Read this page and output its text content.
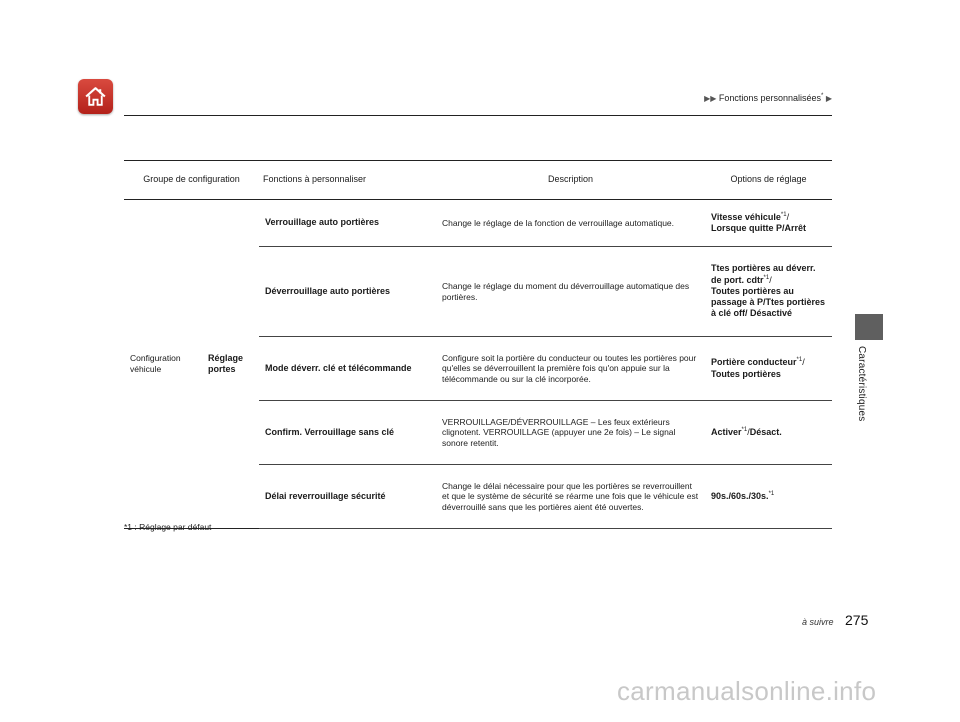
▶▶ Fonctions personnalisées* ▶
Caractéristiques
Groupe de configuration		Fonctions à personnaliser	Description	Options de réglage
Configuration véhicule	Réglage portes	Verrouillage auto portières	Change le réglage de la fonction de verrouillage automatique.	Vitesse véhicule$^{*1}$/
Lorsque quitte P/Arrêt
		Déverrouillage auto portières	Change le réglage du moment du déverrouillage automatique des portières.	Ttes portières au déverr. de port. cdtr$^{*1}$/
Toutes portières au passage à P/Ttes portières à clé off/ Désactivé
		Mode déverr. clé et télécommande	Configure soit la portière du conducteur ou toutes les portières pour qu'elles se déverrouillent la première fois qu'on appuie sur la télécommande ou sur la clé incorporée.	Portière conducteur$^{*1}$/
Toutes portières
		Confirm. Verrouillage sans clé	VERROUILLAGE/DÉVERROUILLAGE – Les feux extérieurs clignotent. VERROUILLAGE (appuyer une 2e fois) – Le signal sonore retentit.	Activer$^{*1}$/Désact.
		Délai reverrouillage sécurité	Change le délai nécessaire pour que les portières se reverrouillent et que le système de sécurité se réarme une fois que le véhicule est déverrouillé sans que les portières aient été ouvertes.	90s./60s./30s.$^{*1}$
*1 : Réglage par défaut
à suivre 275
carmanualsonline.info
